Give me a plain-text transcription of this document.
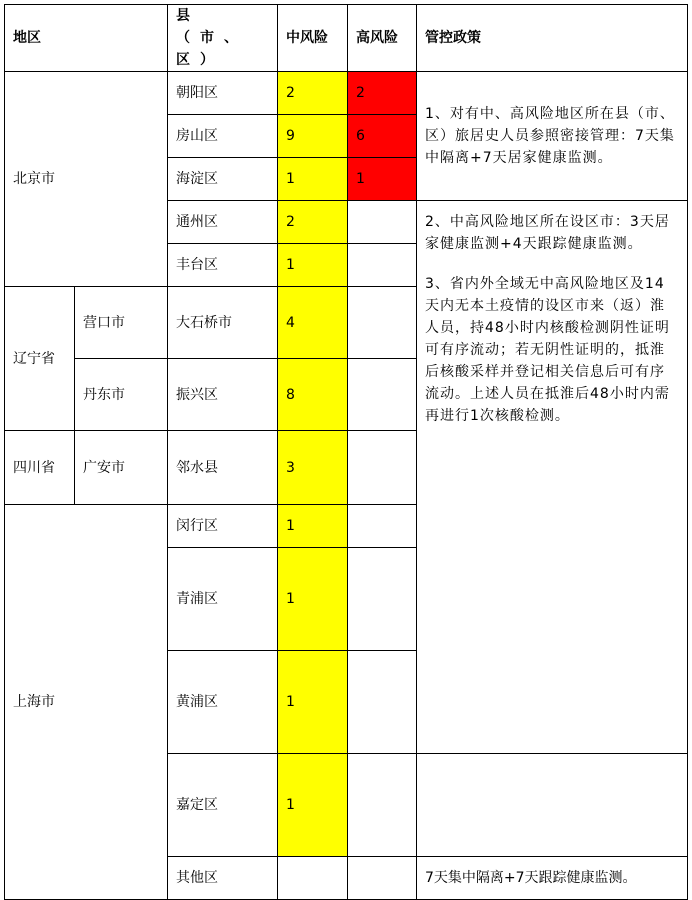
地区		县（市、区）	中风险	高风险	管控政策	
北京市		朝阳区	2	2	1、对有中、高风险地区所在县（市、区）旅居史人员参照密接管理：7天集中隔离+7天居家健康监测。	

		房山区	9	6		
		海淀区	1	1		
		通州区	2		2、中高风险地区所在设区市：3天居家健康监测+4天跟踪健康监测。

3、省内外全域无中高风险地区及14天内无本土疫情的设区市来（返）淮人员，持48小时内核酸检测阴性证明可有序流动；若无阴性证明的，抵淮后核酸采样并登记相关信息后可有序流动。上述人员在抵淮后48小时内需再进行1次核酸检测。	

		丰台区	1			
辽宁省	营口市	大石桥市	4			
	丹东市	振兴区	8			
四川省	广安市	邻水县	3			
上海市		闵行区	1			
		青浦区	1		
		黄浦区	1			
		嘉定区	1			
		其他区			7天集中隔离+7天跟踪健康监测。	
